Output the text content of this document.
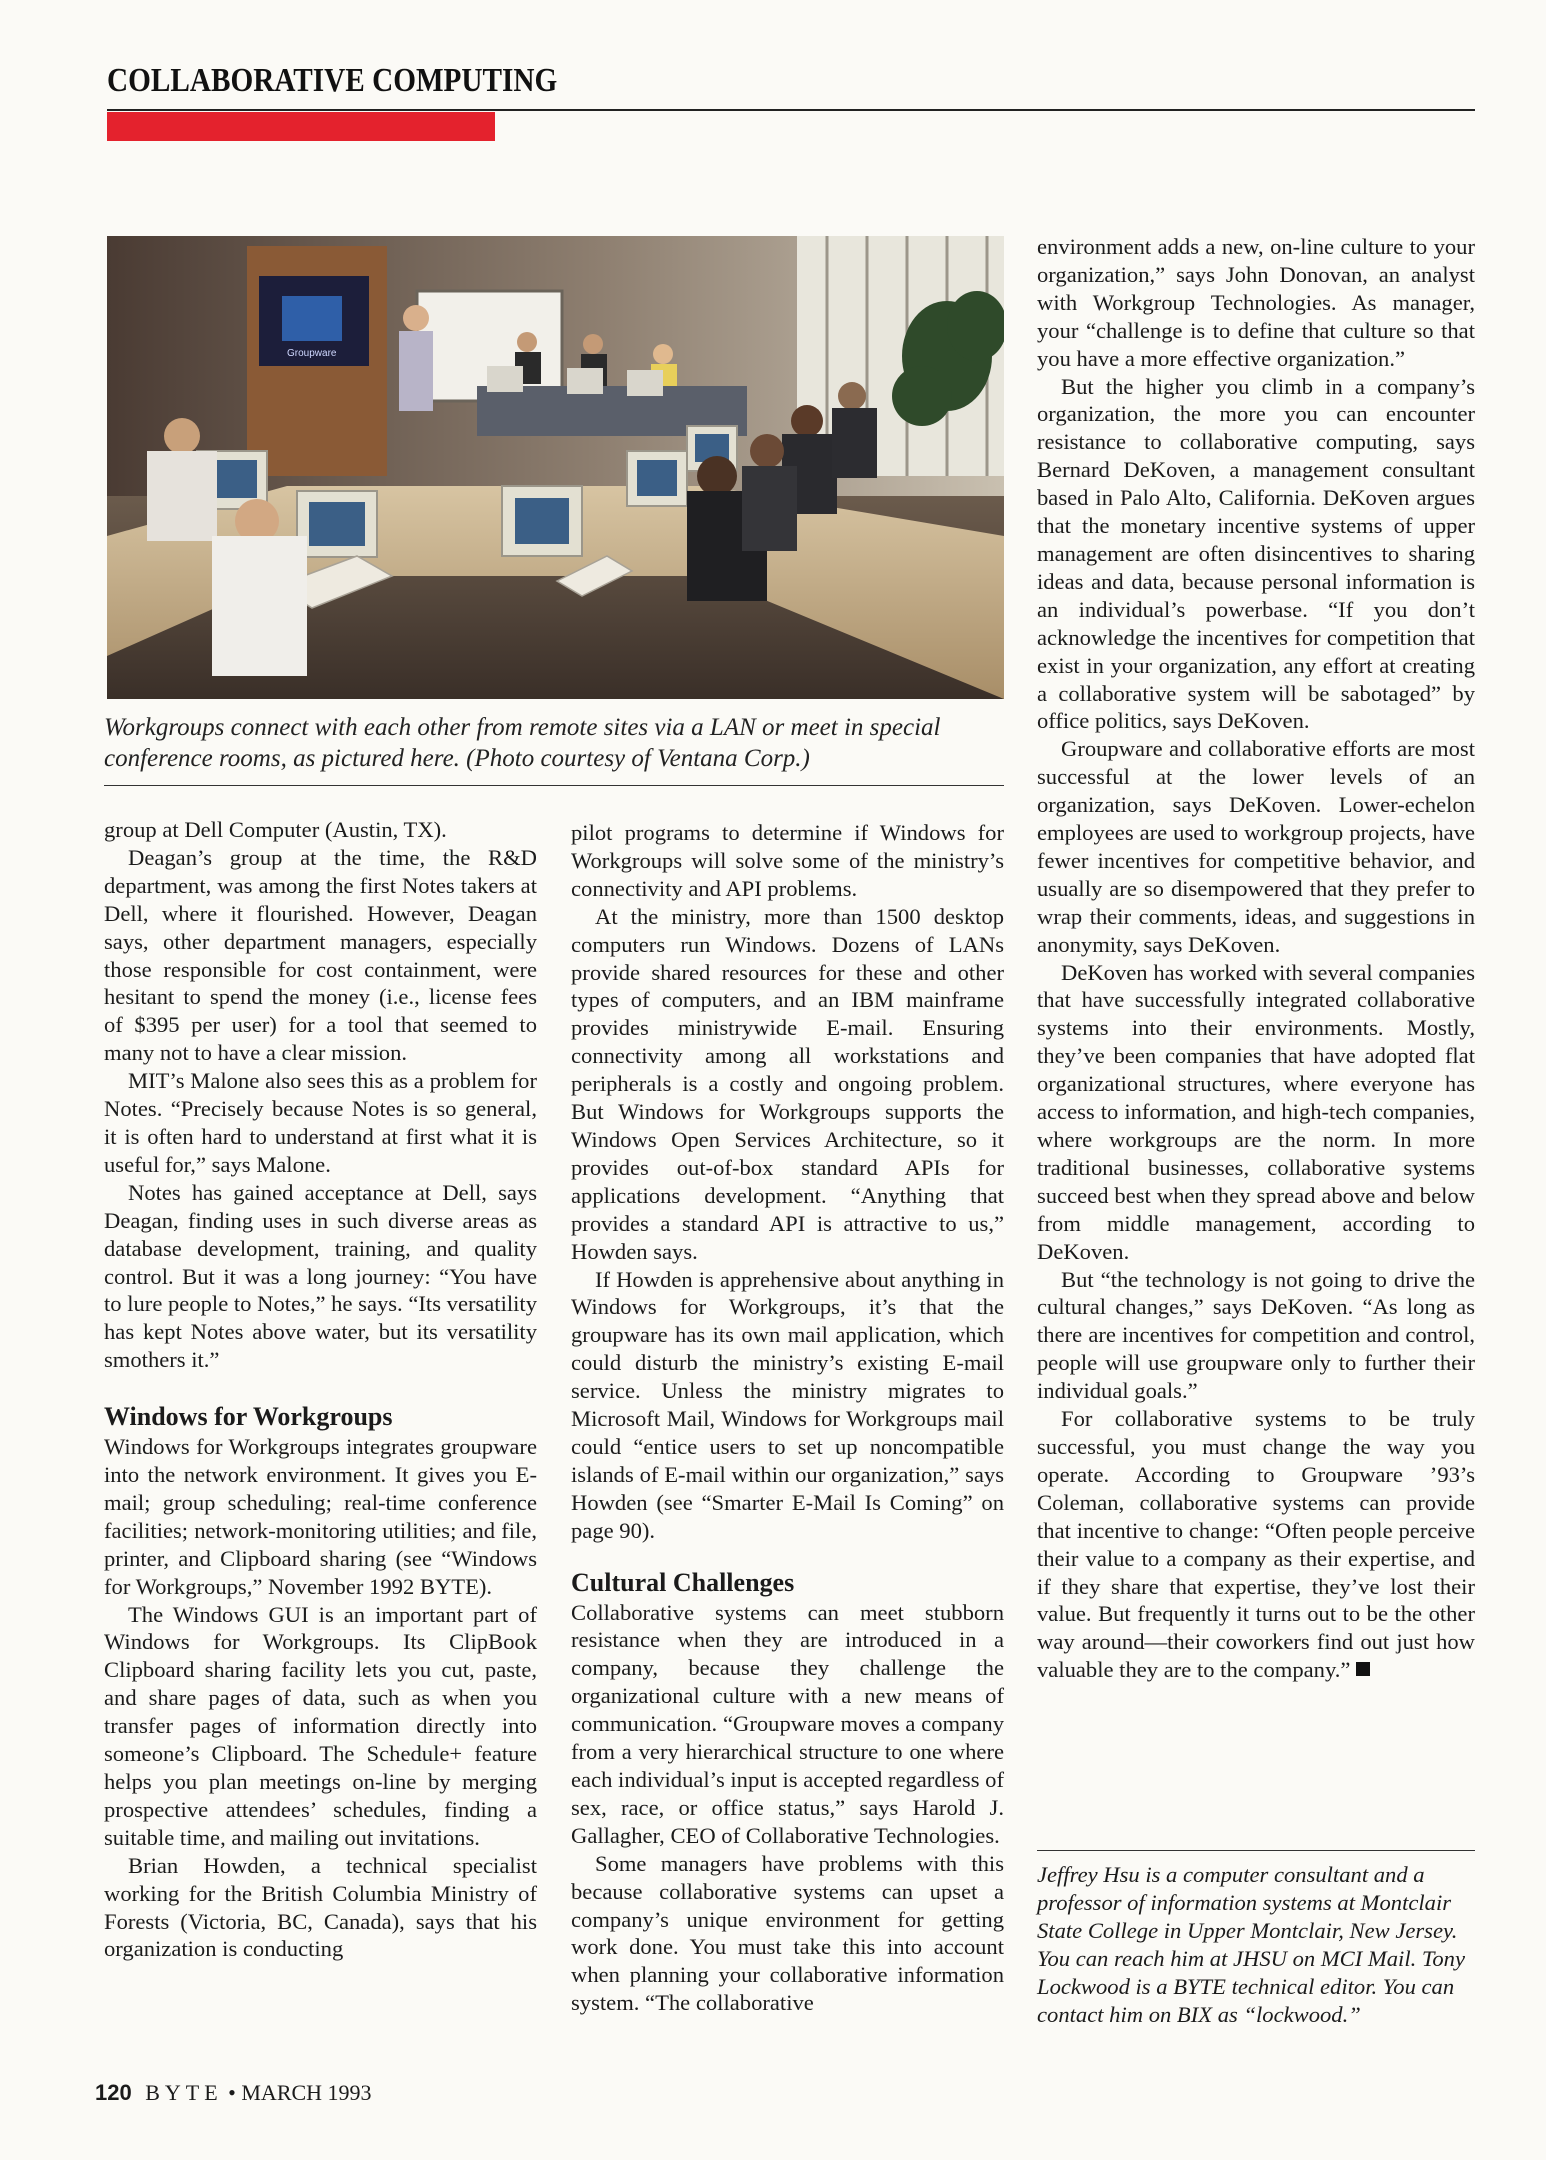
COLLABORATIVE COMPUTING
Groupware
Workgroups connect with each other from remote sites via a LAN or meet in special conference rooms, as pictured here. (Photo courtesy of Ventana Corp.)

group at Dell Computer (Austin, TX).

Deagan’s group at the time, the R&D department, was among the first Notes takers at Dell, where it flourished. However, Deagan says, other department managers, especially those responsible for cost containment, were hesitant to spend the money (i.e., license fees of $395 per user) for a tool that seemed to many not to have a clear mission.

MIT’s Malone also sees this as a problem for Notes. “Precisely because Notes is so general, it is often hard to understand at first what it is useful for,” says Malone.

Notes has gained acceptance at Dell, says Deagan, finding uses in such diverse areas as database development, training, and quality control. But it was a long journey: “You have to lure people to Notes,” he says. “Its versatility has kept Notes above water, but its versatility smothers it.”

Windows for Workgroups

Windows for Workgroups integrates groupware into the network environment. It gives you E-mail; group scheduling; real-time conference facilities; network-monitoring utilities; and file, printer, and Clipboard sharing (see “Windows for Workgroups,” November 1992 BYTE).

The Windows GUI is an important part of Windows for Workgroups. Its ClipBook Clipboard sharing facility lets you cut, paste, and share pages of data, such as when you transfer pages of information directly into someone’s Clipboard. The Schedule+ feature helps you plan meetings on-line by merging prospective attendees’ schedules, finding a suitable time, and mailing out invitations.

Brian Howden, a technical specialist working for the British Columbia Ministry of Forests (Victoria, BC, Canada), says that his organization is conducting

pilot programs to determine if Windows for Workgroups will solve some of the ministry’s connectivity and API problems.

At the ministry, more than 1500 desktop computers run Windows. Dozens of LANs provide shared resources for these and other types of computers, and an IBM mainframe provides ministrywide E-mail. Ensuring connectivity among all workstations and peripherals is a costly and ongoing problem. But Windows for Workgroups supports the Windows Open Services Architecture, so it provides out-of-box standard APIs for applications development. “Anything that provides a standard API is attractive to us,” Howden says.

If Howden is apprehensive about anything in Windows for Workgroups, it’s that the groupware has its own mail application, which could disturb the ministry’s existing E-mail service. Unless the ministry migrates to Microsoft Mail, Windows for Workgroups mail could “entice users to set up noncompatible islands of E-mail within our organization,” says Howden (see “Smarter E-Mail Is Coming” on page 90).

Cultural Challenges

Collaborative systems can meet stubborn resistance when they are introduced in a company, because they challenge the organizational culture with a new means of communication. “Groupware moves a company from a very hierarchical structure to one where each individual’s input is accepted regardless of sex, race, or office status,” says Harold J. Gallagher, CEO of Collaborative Technologies.

Some managers have problems with this because collaborative systems can upset a company’s unique environment for getting work done. You must take this into account when planning your collaborative information system. “The collaborative

environment adds a new, on-line culture to your organization,” says John Donovan, an analyst with Workgroup Technologies. As manager, your “challenge is to define that culture so that you have a more effective organization.”

But the higher you climb in a company’s organization, the more you can encounter resistance to collaborative computing, says Bernard DeKoven, a management consultant based in Palo Alto, California. DeKoven argues that the monetary incentive systems of upper management are often disincentives to sharing ideas and data, because personal information is an individual’s powerbase. “If you don’t acknowledge the incentives for competition that exist in your organization, any effort at creating a collaborative system will be sabotaged” by office politics, says DeKoven.

Groupware and collaborative efforts are most successful at the lower levels of an organization, says DeKoven. Lower-echelon employees are used to workgroup projects, have fewer incentives for competitive behavior, and usually are so disempowered that they prefer to wrap their comments, ideas, and suggestions in anonymity, says DeKoven.

DeKoven has worked with several companies that have successfully integrated collaborative systems into their environments. Mostly, they’ve been companies that have adopted flat organizational structures, where everyone has access to information, and high-tech companies, where workgroups are the norm. In more traditional businesses, collaborative systems succeed best when they spread above and below from middle management, according to DeKoven.

But “the technology is not going to drive the cultural changes,” says DeKoven. “As long as there are incentives for competition and control, people will use groupware only to further their individual goals.”

For collaborative systems to be truly successful, you must change the way you operate. According to Groupware ’93’s Coleman, collaborative systems can provide that incentive to change: “Often people perceive their value to a company as their expertise, and if they share that expertise, they’ve lost their value. But frequently it turns out to be the other way around—their coworkers find out just how valuable they are to the company.”

Jeffrey Hsu is a computer consultant and a professor of information systems at Montclair State College in Upper Montclair, New Jersey. You can reach him at JHSU on MCI Mail. Tony Lockwood is a BYTE technical editor. You can contact him on BIX as “lockwood.”
120 BYTE • MARCH 1993
